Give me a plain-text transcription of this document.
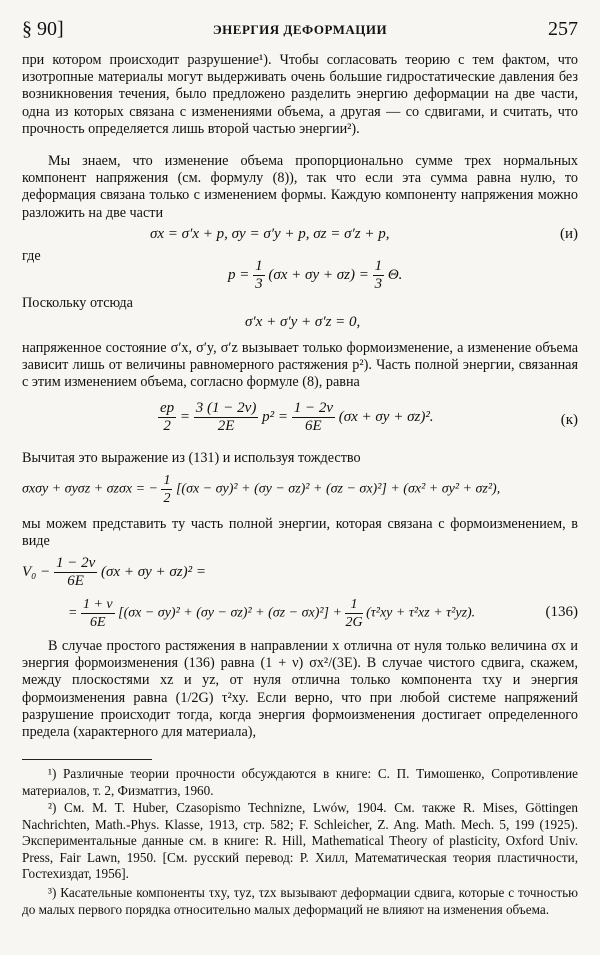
§ 90]	ЭНЕРГИЯ ДЕФОРМАЦИИ	257

при котором происходит разрушение¹). Чтобы согласовать теорию с тем фактом, что изотропные материалы могут выдерживать очень большие гидростатические давления без возникновения течения, было предложено разделить энергию деформации на две части, одна из которых связана с изменениями объема, а другая — со сдвигами, и считать, что прочность определяется лишь второй частью энергии²).

Мы знаем, что изменение объема пропорционально сумме трех нормальных компонент напряжения (см. формулу (8)), так что если эта сумма равна нулю, то деформация связана только с изменением формы. Каждую компоненту напряжения можно разложить на две части

σx = σ′x + p, σy = σ′y + p, σz = σ′z + p,	(и)

где

$p = \frac{1}{3} (\sigma x + \sigma y + \sigma z) = \frac{1}{3} \Theta$.

Поскольку отсюда

σ′x + σ′y + σ′z = 0,

напряженное состояние σ′x, σ′y, σ′z вызывает только формоизменение, а изменение объема зависит лишь от величины равномерного растяжения p²). Часть полной энергии, связанная с этим изменением объема, согласно формуле (8), равна

$\frac{ep}{2} = \frac{3 (1 - 2\nu)}{2E} p^2 = \frac{1 - 2\nu}{6E} (\sigma x + \sigma y + \sigma z)^2$.	(к)

Вычитая это выражение из (131) и используя тождество

σxσy + σyσz + σzσx = − $\frac{1}{2} [(\sigma x - \sigma y)^2 + (\sigma y - \sigma z)^2 + (\sigma z - \sigma x)^2] + (\sigma x^2 + \sigma y^2 + \sigma z^2)$,

мы можем представить ту часть полной энергии, которая связана с формоизменением, в виде

$V_0 - \frac{1 - 2\nu}{6E} (\sigma x + \sigma y + \sigma z)^2$ =
= $\frac{1 + \nu}{6E} [(\sigma x - \sigma y)^2 + (\sigma y - \sigma z)^2 + (\sigma z - \sigma x)^2] + \frac{1}{2G} (\tau^2xy + \tau^2xz + \tau^2yz)$.	(136)

В случае простого растяжения в направлении x отлична от нуля только величина σx и энергия формоизменения (136) равна (1 + ν) σx²/(3E). В случае чистого сдвига, скажем, между плоскостями xz и yz, от нуля отлична только компонента τxy и энергия формоизменения равна (1/2G) τ²xy. Если верно, что при любой системе напряжений разрушение происходит тогда, когда энергия формоизменения достигает определенного предела (характерного для материала),

¹) Различные теории прочности обсуждаются в книге: С. П. Тимошенко, Сопротивление материалов, т. 2, Физматгиз, 1960.

²) См. M. T. Huber, Czasopismo Technizne, Lwów, 1904. См. также R. Mises, Göttingen Nachrichten, Math.-Phys. Klasse, 1913, стр. 582; F. Schleicher, Z. Ang. Math. Mech. 5, 199 (1925). Экспериментальные данные см. в книге: R. Hill, Mathematical Theory of plasticity, Oxford Univ. Press, Fair Lawn, 1950. [См. русский перевод: Р. Хилл, Математическая теория пластичности, Гостехиздат, 1956].

³) Касательные компоненты τxy, τyz, τzx вызывают деформации сдвига, которые с точностью до малых первого порядка относительно малых деформаций не влияют на изменения объема.
